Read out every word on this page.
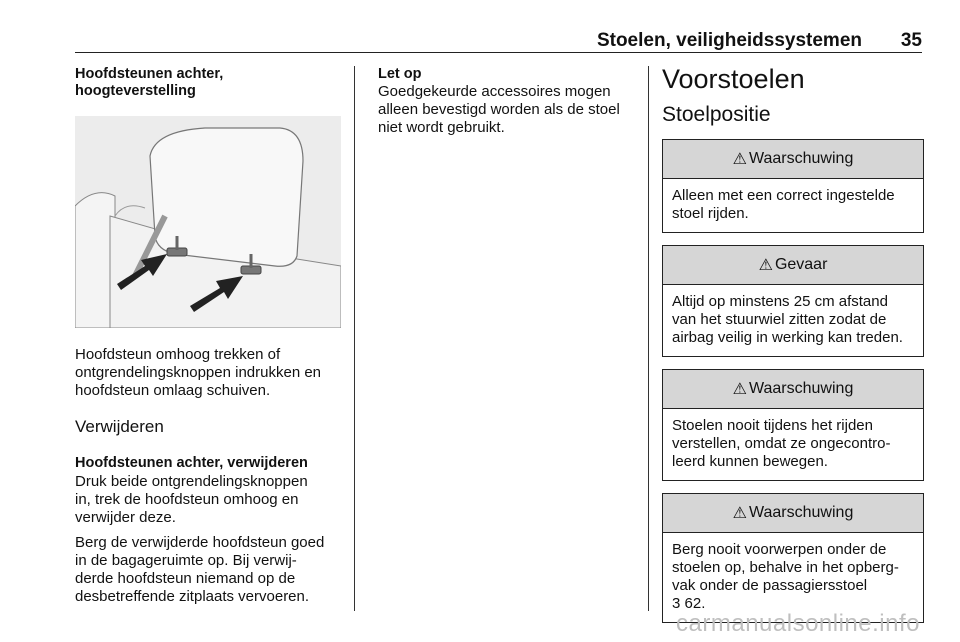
Stoelen, veiligheidssystemen 35
Hoofdsteunen achter,
hoogteverstelling

Hoofdsteun omhoog trekken of

ontgrendelingsknoppen indrukken en

hoofdsteun omlaag schuiven.

Verwijderen

Hoofdsteunen achter, verwijderen

Druk beide ontgrendelingsknoppen

in, trek de hoofdsteun omhoog en

verwijder deze.

Berg de verwijderde hoofdsteun goed

in de bagageruimte op. Bij verwij-

derde hoofdsteun niemand op de

desbetreffende zitplaats vervoeren.

Let op

Goedgekeurde accessoires mogen

alleen bevestigd worden als de stoel

niet wordt gebruikt.

Voorstoelen
Stoelpositie
⚠ Waarschuwing
Alleen met een correct ingestelde
stoel rijden.
⚠ Gevaar
Altijd op minstens 25 cm afstand
van het stuurwiel zitten zodat de
airbag veilig in werking kan treden.
⚠ Waarschuwing
Stoelen nooit tijdens het rijden
verstellen, omdat ze ongecontro-
leerd kunnen bewegen.
⚠ Waarschuwing
Berg nooit voorwerpen onder de
stoelen op, behalve in het opberg-
vak onder de passagiersstoel
3 62.
carmanualsonline.info
